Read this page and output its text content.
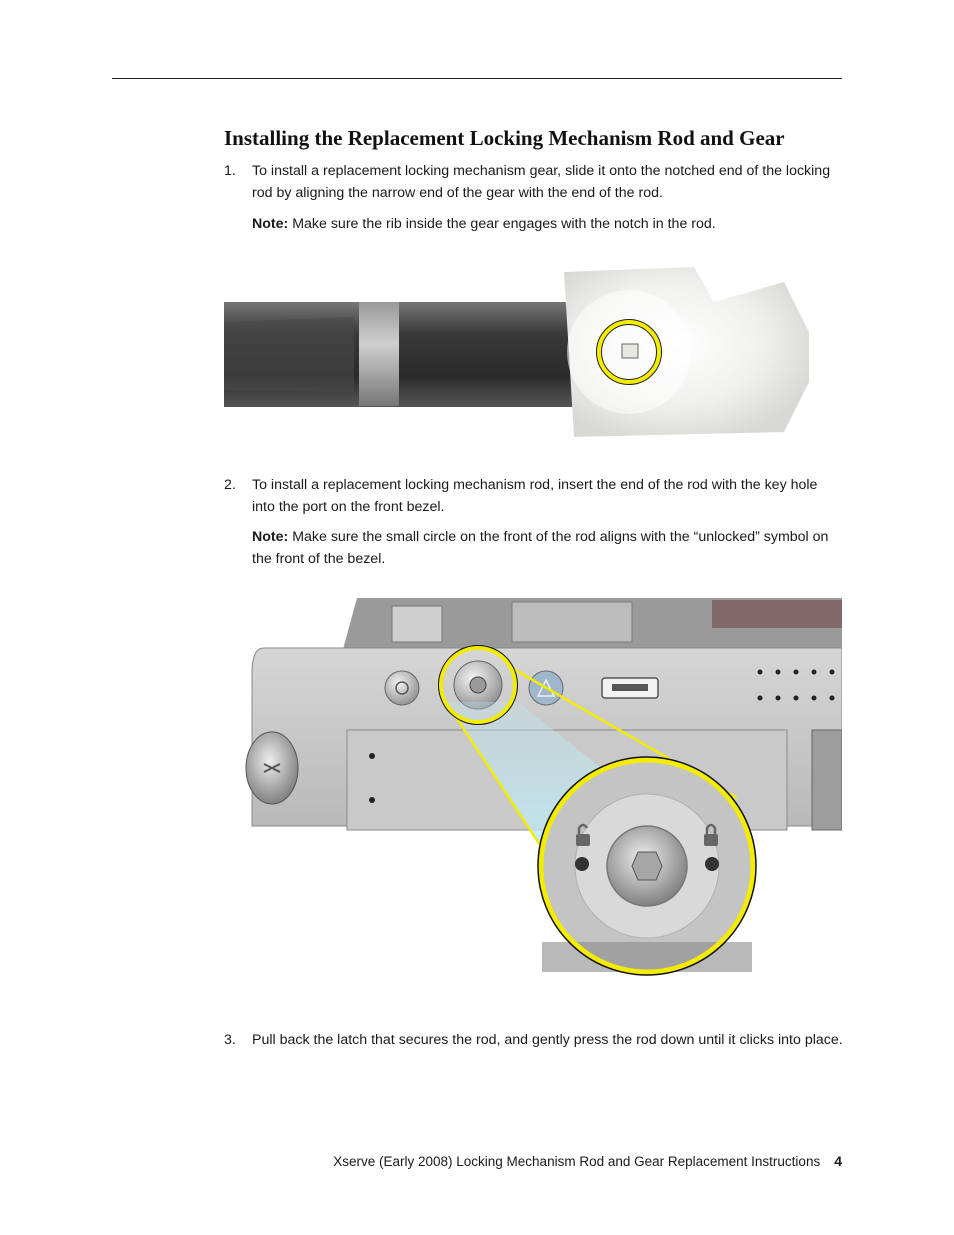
Installing the Replacement Locking Mechanism Rod and Gear
1. To install a replacement locking mechanism gear, slide it onto the notched end of the locking rod by aligning the narrow end of the gear with the end of the rod.
Note: Make sure the rib inside the gear engages with the notch in the rod.
2. To install a replacement locking mechanism rod, insert the end of the rod with the key hole into the port on the front bezel.
Note: Make sure the small circle on the front of the rod aligns with the “unlocked” symbol on the front of the bezel.
3. Pull back the latch that secures the rod, and gently press the rod down until it clicks into place.
Xserve (Early 2008) Locking Mechanism Rod and Gear Replacement Instructions 4
